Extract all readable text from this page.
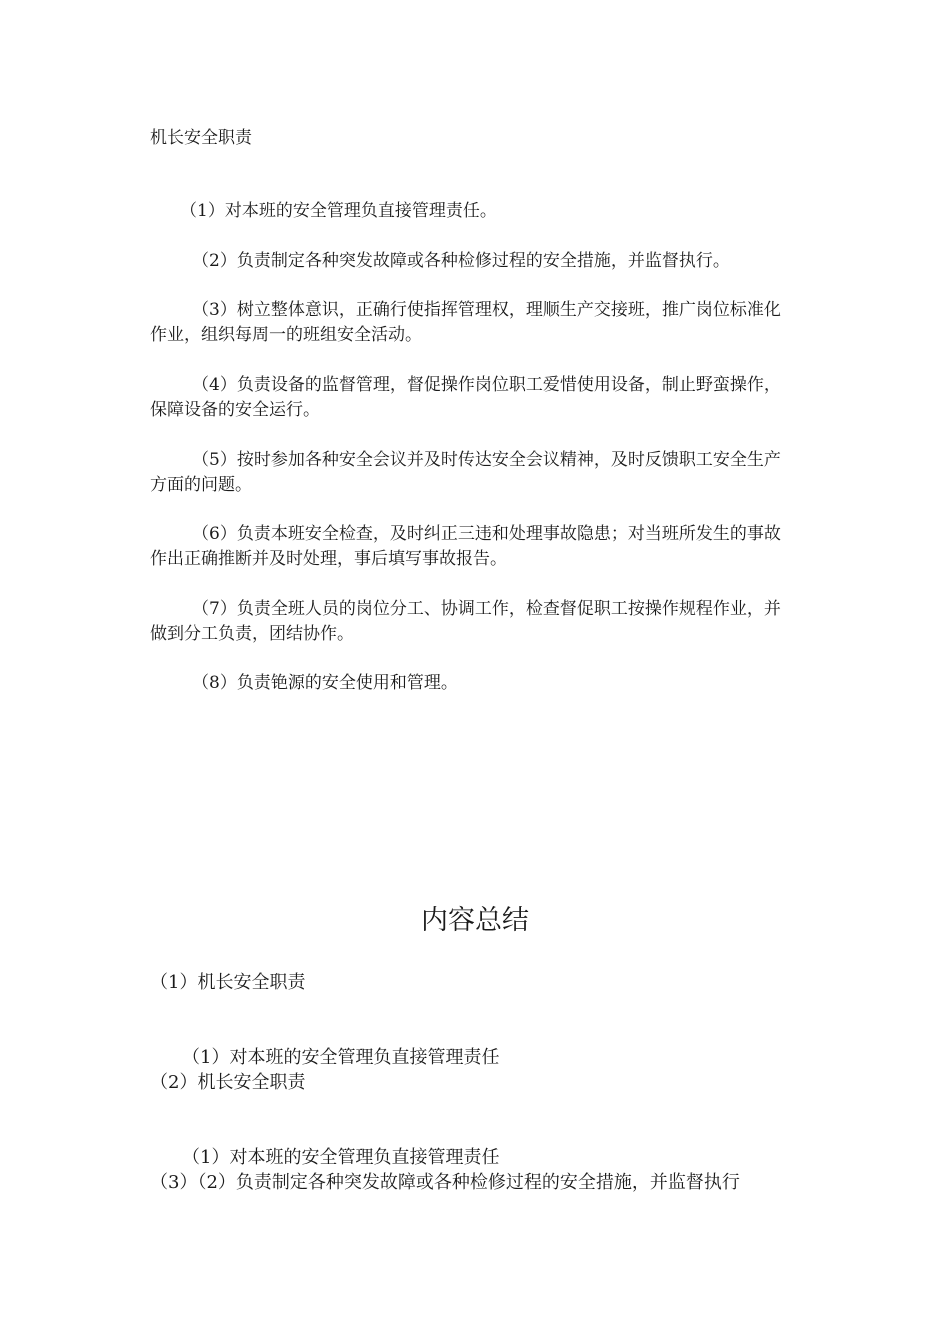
机长安全职责
（1）对本班的安全管理负直接管理责任。
（2）负责制定各种突发故障或各种检修过程的安全措施，并监督执行。
（3）树立整体意识，正确行使指挥管理权，理顺生产交接班，推广岗位标准化作业，组织每周一的班组安全活动。
（4）负责设备的监督管理，督促操作岗位职工爱惜使用设备，制止野蛮操作，保障设备的安全运行。
（5）按时参加各种安全会议并及时传达安全会议精神，及时反馈职工安全生产方面的问题。
（6）负责本班安全检查，及时纠正三违和处理事故隐患；对当班所发生的事故作出正确推断并及时处理，事后填写事故报告。
（7）负责全班人员的岗位分工、协调工作，检查督促职工按操作规程作业，并做到分工负责，团结协作。
（8）负责铯源的安全使用和管理。
内容总结
（1）机长安全职责
（1）对本班的安全管理负直接管理责任
（2）机长安全职责
（1）对本班的安全管理负直接管理责任
（3）（2）负责制定各种突发故障或各种检修过程的安全措施，并监督执行
